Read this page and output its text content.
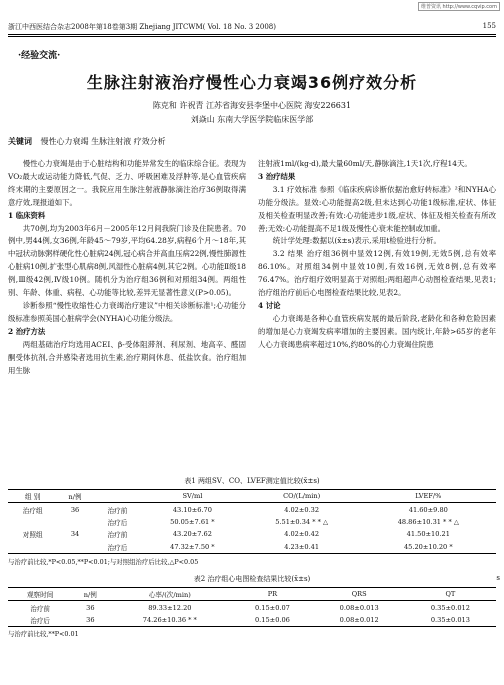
维普资讯 http://www.cqvip.com
浙江中西医结合杂志2008年第18卷第3期 Zhejiang JITCWM( Vol. 18 No. 3 2008)	155
·经验交流·
生脉注射液治疗慢性心力衰竭36例疗效分析
陈克和 许祝青 江苏省海安县李堡中心医院 海安226631
刘焱山 东南大学医学院临床医学部
关键词 慢性心力衰竭 生脉注射液 疗效分析

慢性心力衰竭是由于心脏结构和功能异常发生的临床综合征。表现为VO₂最大或运动能力降低,气促、乏力、呼吸困难及浮肿等,是心血管疾病终末期的主要原因之一。我院应用生脉注射液静脉滴注治疗36例取得满意疗效,现报道如下。

1 临床资料

共70例,均为2003年6月－2005年12月间我院门诊及住院患者。70例中,男44例,女36例,年龄45～79岁,平均64.28岁,病程6个月～18年,其中冠状动脉粥样硬化性心脏病24例,冠心病合并高血压病22例,慢性肺源性心脏病10例,扩张型心肌病8例,风湿性心脏病4例,其它2例。心功能Ⅱ级18例,Ⅲ级42例,Ⅳ级10例。随机分为治疗组36例和对照组34例。两组性别、年龄、体重、病程、心功能等比较,差异无显著性意义(P>0.05)。

诊断参照“慢性收缩性心力衰竭治疗建议”中相关诊断标准¹;心功能分级标准参照美国心脏病学会(NYHA)心功能分级法。

2 治疗方法

两组基础治疗均选用ACEI、β-受体阻滞剂、利尿剂、地高辛、醛固酮受体抗剂,合并感染者选用抗生素,治疗期间休息、低盐饮食。治疗组加用生脉

注射液1ml/(kg·d),最大量60ml/天,静脉滴注,1天1次,疗程14天。

3 治疗结果

3.1 疗效标准 参照《临床疾病诊断依据治愈好转标准》²和NYHA心功能分级法。显效:心功能提高2级,但未达到心功能1级标准,症状、体征及相关检查明显改善;有效:心功能进步1级,症状、体征及相关检查有所改善;无效:心功能提高不足1级及慢性心衰未能控制或加重。

统计学处理:数据以(x̄±s)表示,采用t检验进行分析。

3.2 结果 治疗组36例中显效12例,有效19例,无效5例,总有效率86.10%。对照组34例中显效10例,有效16例,无效8例,总有效率76.47%。治疗组疗效明显高于对照组;两组超声心动图检查结果,见表1;治疗组治疗前后心电图检查结果比较,见表2。

4 讨论

心力衰竭是各种心血管疾病发展的最后阶段,老龄化和各种危险因素的增加是心力衰竭发病率增加的主要因素。国内统计,年龄>65岁的老年人心力衰竭患病率超过10%,约80%的心力衰竭住院患

表1 两组SV、CO、LVEF测定值比较(x̄±s)
组 别	n/例		SV/ml	CO/(L/min)	LVEF/%
治疗组	36	治疗前	43.10±6.70	4.02±0.32	41.60±9.80
		治疗后	50.05±7.61 *	5.51±0.34 * * △	48.86±10.31 * * △
对照组	34	治疗前	43.20±7.62	4.02±0.42	41.50±10.21
		治疗后	47.32±7.50 *	4.23±0.41	45.20±10.20 *
与治疗前比较,*P<0.05,**P<0.01;与对照组治疗后比较,△P<0.05
表2 治疗组心电图检查结果比较(x̄±s)	s
观察时间	n/例	心率/(次/min)	PR	QRS	QT
治疗前	36	89.33±12.20	0.15±0.07	0.08±0.013	0.35±0.012
治疗后	36	74.26±10.36 * *	0.15±0.06	0.08±0.012	0.35±0.013
与治疗前比较,**P<0.01
